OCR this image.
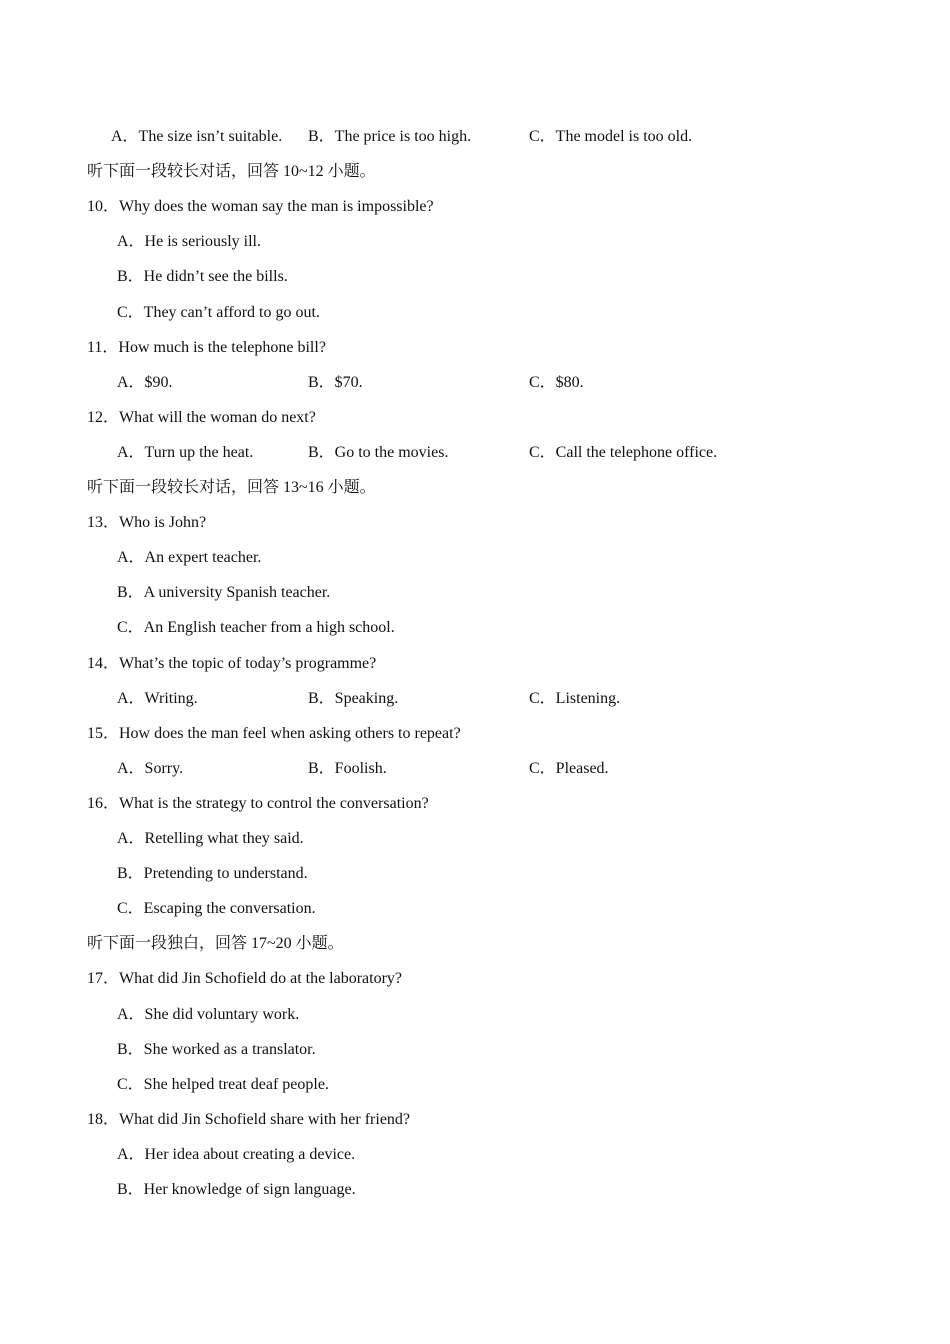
A．The size isn’t suitable. B．The price is too high.	C．The model is too old.
听下面一段较长对话，回答 10~12 小题。
10．Why does the woman say the man is impossible?
A．He is seriously ill.
B．He didn’t see the bills.
C．They can’t afford to go out.
11．How much is the telephone bill?
A．$90.	B．$70.	C．$80.
12．What will the woman do next?
A．Turn up the heat.	B．Go to the movies.	C．Call the telephone office.
听下面一段较长对话，回答 13~16 小题。
13．Who is John?
A．An expert teacher.
B．A university Spanish teacher.
C．An English teacher from a high school.
14．What’s the topic of today’s programme?
A．Writing.	B．Speaking.	C．Listening.
15．How does the man feel when asking others to repeat?
A．Sorry.	B．Foolish.	C．Pleased.
16．What is the strategy to control the conversation?
A．Retelling what they said.
B．Pretending to understand.
C．Escaping the conversation.
听下面一段独白，回答 17~20 小题。
17．What did Jin Schofield do at the laboratory?
A．She did voluntary work.
B．She worked as a translator.
C．She helped treat deaf people.
18．What did Jin Schofield share with her friend?
A．Her idea about creating a device.
B．Her knowledge of sign language.
